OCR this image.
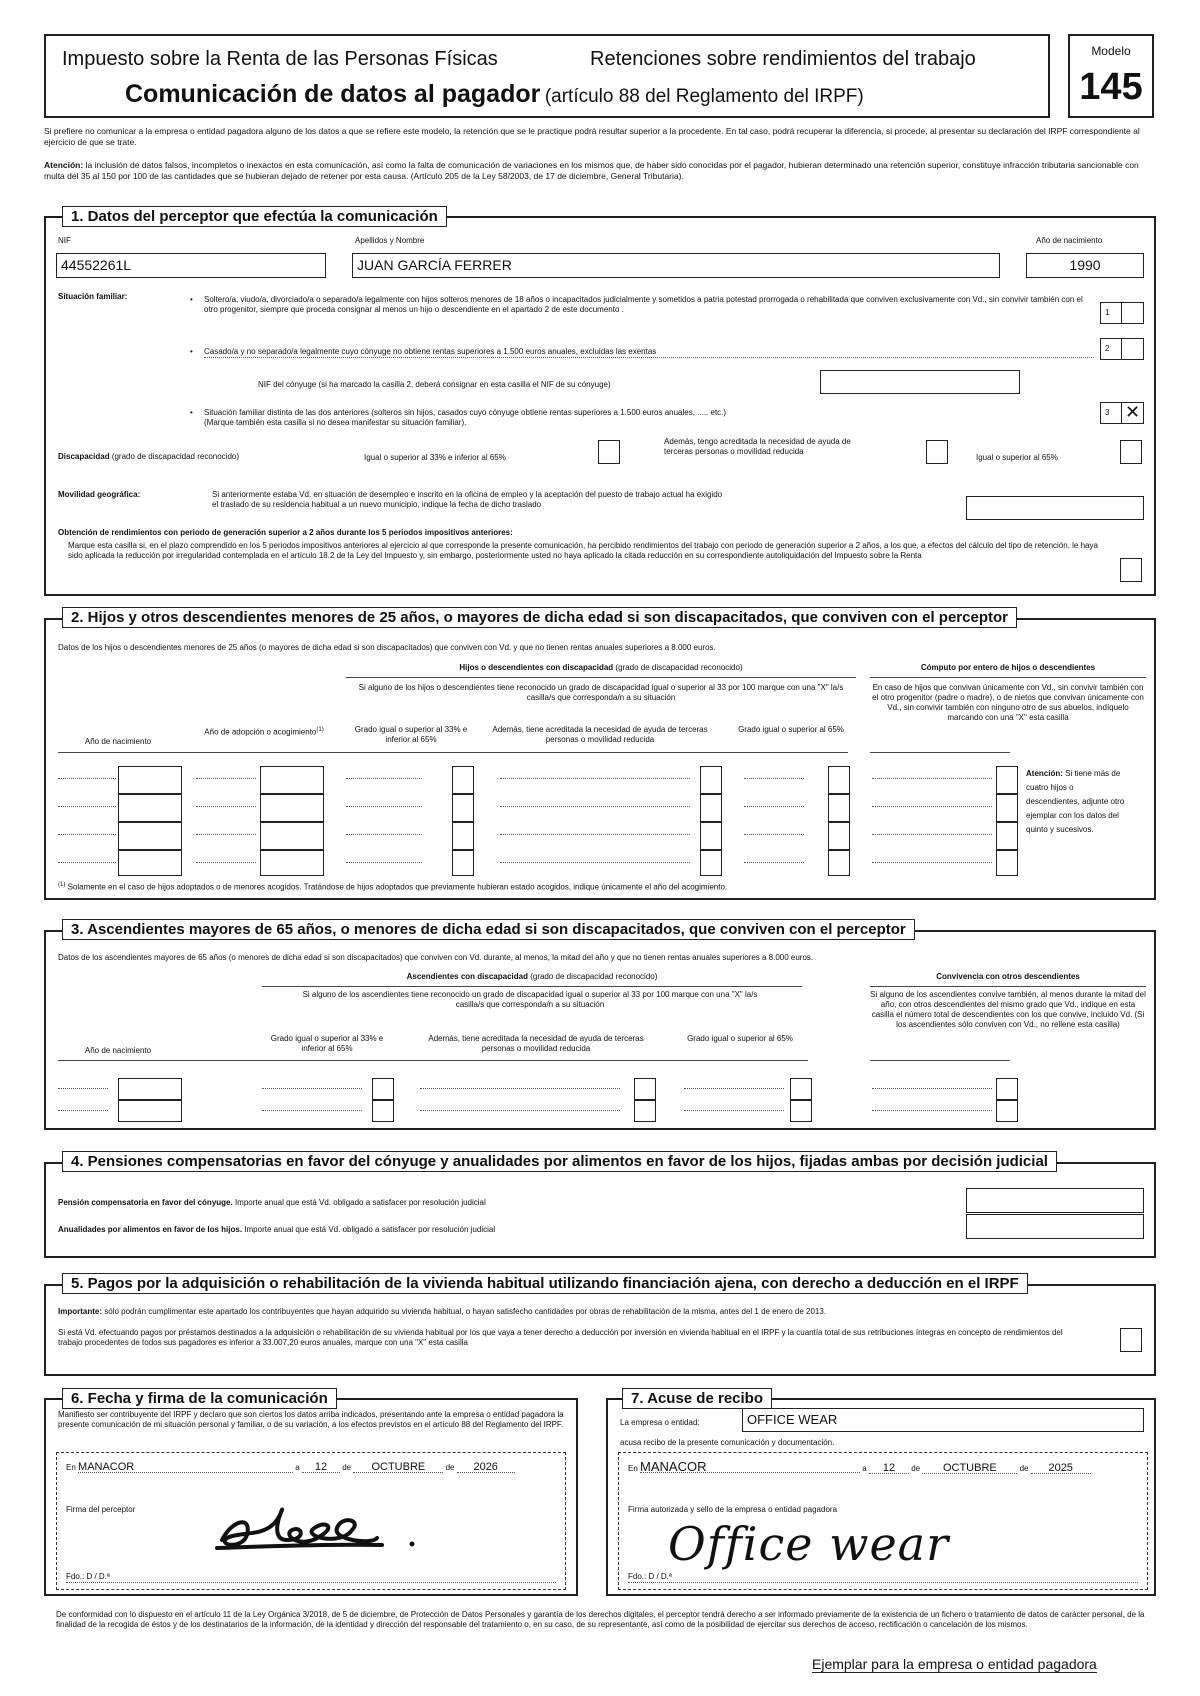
Impuesto sobre la Renta de las Personas Físicas	Retenciones sobre rendimientos del trabajo
Comunicación de datos al pagador (artículo 88 del Reglamento del IRPF)
Modelo
145
Si prefiere no comunicar a la empresa o entidad pagadora alguno de los datos a que se refiere este modelo, la retención que se le practique podrá resultar superior a la procedente. En tal caso, podrá recuperar la diferencia, si procede, al presentar su declaración del IRPF correspondiente al ejercicio de que se trate.
Atención: la inclusión de datos falsos, incompletos o inexactos en esta comunicación, así como la falta de comunicación de variaciones en los mismos que, de haber sido conocidas por el pagador, hubieran determinado una retención superior, constituye infracción tributaria sancionable con multa del 35 al 150 por 100 de las cantidades que se hubieran dejado de retener por esta causa. (Artículo 205 de la Ley 58/2003, de 17 de diciembre, General Tributaria).
1. Datos del perceptor que efectúa la comunicación
NIF
44552261L
Apellidos y Nombre
JUAN GARCÍA FERRER
Año de nacimiento
1990
Situación familiar:	• Soltero/a, viudo/a, divorciado/a o separado/a legalmente con hijos solteros menores de 18 años o incapacitados judicialmente y sometidos a patria potestad prorrogada o rehabilitada que conviven exclusivamente con Vd., sin convivir también con el otro progenitor, siempre que proceda consignar al menos un hijo o descendiente en el apartado 2 de este documento .	1
• Casado/a y no separado/a legalmente cuyo cónyuge no obtiene rentas superiores a 1.500 euros anuales, excluidas las exentas	2
NIF del cónyuge (si ha marcado la casilla 2, deberá consignar en esta casilla el NIF de su cónyuge)
• Situación familiar distinta de las dos anteriores (solteros sin hijos, casados cuyo cónyuge obtiene rentas superiores a 1.500 euros anuales, ..... etc.)
(Marque también esta casilla si no desea manifestar su situación familiar).
3 ✕
Discapacidad (grado de discapacidad reconocido)	Igual o superior al 33% e inferior al 65%
Además, tengo acreditada la necesidad de ayuda de
terceras personas o movilidad reducida
Igual o superior al 65%
Movilidad geográfica:	Si anteriormente estaba Vd. en situación de desempleo e inscrito en la oficina de empleo y la aceptación del puesto de trabajo actual ha exigido
el traslado de su residencia habitual a un nuevo municipio, indique la fecha de dicho traslado
Obtención de rendimientos con periodo de generación superior a 2 años durante los 5 periodos impositivos anteriores:
Marque esta casilla si, en el plazo comprendido en los 5 periodos impositivos anteriores al ejercicio al que corresponde la presente comunicación, ha percibido rendimientos del trabajo con periodo de generación superior a 2 años, a los que, a efectos del cálculo del tipo de retención, le haya sido aplicada la reducción por irregularidad contemplada en el artículo 18.2 de la Ley del Impuesto y, sin embargo, posteriormente usted no haya aplicado la citada reducción en su correspondiente autoliquidación del Impuesto sobre la Renta
2. Hijos y otros descendientes menores de 25 años, o mayores de dicha edad si son discapacitados, que conviven con el perceptor
Datos de los hijos o descendientes menores de 25 años (o mayores de dicha edad si son discapacitados) que conviven con Vd. y que no tienen rentas anuales superiores a 8.000 euros.
Hijos o descendientes con discapacidad (grado de discapacidad reconocido)
Si alguno de los hijos o descendientes tiene reconocido un grado de discapacidad igual o superior al 33 por 100 marque con una "X" la/s casilla/s que corresponda/n a su situación
Cómputo por entero de hijos o descendientes
En caso de hijos que convivan únicamente con Vd., sin convivir también con el otro progenitor (padre o madre), o de nietos que convivan únicamente con Vd., sin convivir también con ninguno otro de sus abuelos, indíquelo marcando con una "X" esta casilla
Año de nacimiento
Año de adopción o acogimiento$^{(1)}$	Grado igual o superior al 33% e inferior al 65%
Además, tiene acreditada la necesidad de ayuda de terceras personas o movilidad reducida
Grado igual o superior al 65%
Atención: Si tiene más de cuatro hijos o descendientes, adjunte otro ejemplar con los datos del quinto y sucesivos.
$^{(1)}$ Solamente en el caso de hijos adoptados o de menores acogidos. Tratándose de hijos adoptados que previamente hubieran estado acogidos, indique únicamente el año del acogimiento.
3. Ascendientes mayores de 65 años, o menores de dicha edad si son discapacitados, que conviven con el perceptor
Datos de los ascendientes mayores de 65 años (o menores de dicha edad si son discapacitados) que conviven con Vd. durante, al menos, la mitad del año y que no tienen rentas anuales superiores a 8.000 euros.
Ascendientes con discapacidad (grado de discapacidad reconocido)
Si alguno de los ascendientes tiene reconocido un grado de discapacidad igual o superior al 33 por 100 marque con una "X" la/s casilla/s que corresponda/n a su situación
Convivencia con otros descendientes
Si alguno de los ascendientes convive también, al menos durante la mitad del año, con otros descendientes del mismo grado que Vd., indique en esta casilla el número total de descendientes con los que convive, incluido Vd. (Si los ascendientes sólo conviven con Vd., no rellene esta casilla)
Año de nacimiento
Grado igual o superior al 33% e inferior al 65%
Además, tiene acreditada la necesidad de ayuda de terceras personas o movilidad reducida
Grado igual o superior al 65%
4. Pensiones compensatorias en favor del cónyuge y anualidades por alimentos en favor de los hijos, fijadas ambas por decisión judicial
Pensión compensatoria en favor del cónyuge. Importe anual que está Vd. obligado a satisfacer por resolución judicial
Anualidades por alimentos en favor de los hijos. Importe anual que está Vd. obligado a satisfacer por resolución judicial
5. Pagos por la adquisición o rehabilitación de la vivienda habitual utilizando financiación ajena, con derecho a deducción en el IRPF
Importante: sólo podrán cumplimentar este apartado los contribuyentes que hayan adquirido su vivienda habitual, o hayan satisfecho cantidades por obras de rehabilitación de la misma, antes del 1 de enero de 2013.
Si está Vd. efectuando pagos por préstamos destinados a la adquisición o rehabilitación de su vivienda habitual por los que vaya a tener derecho a deducción por inversión en vivienda habitual en el IRPF y la cuantía total de sus retribuciones íntegras en concepto de rendimientos del trabajo procedentes de todos sus pagadores es inferior a 33.007,20 euros anuales, marque con una "X" esta casilla
6. Fecha y firma de la comunicación
Manifiesto ser contribuyente del IRPF y declaro que son ciertos los datos arriba indicados, presentando ante la empresa o entidad pagadora la presente comunicación de mi situación personal y familiar, o de su variación, a los efectos previstos en el artículo 88 del Reglamento del IRPF.
En MANACOR	a 12 de OCTUBRE	de 2026
Firma del perceptor
Fdo.: D / D.ª
7. Acuse de recibo
La empresa o entidad:	OFFICE WEAR
acusa recibo de la presente comunicación y documentación.
En MANACOR	a 12 de OCTUBRE	de 2025
Firma autorizada y sello de la empresa o entidad pagadora
Office wear
Fdo.: D / D.ª
De conformidad con lo dispuesto en el artículo 11 de la Ley Orgánica 3/2018, de 5 de diciembre, de Protección de Datos Personales y garantía de los derechos digitales, el perceptor tendrá derecho a ser informado previamente de la existencia de un fichero o tratamiento de datos de carácter personal, de la finalidad de la recogida de éstos y de los destinatarios de la información, de la identidad y dirección del responsable del tratamiento o, en su caso, de su representante, así como de la posibilidad de ejercitar sus derechos de acceso, rectificación o cancelación de los mismos.
Ejemplar para la empresa o entidad pagadora
